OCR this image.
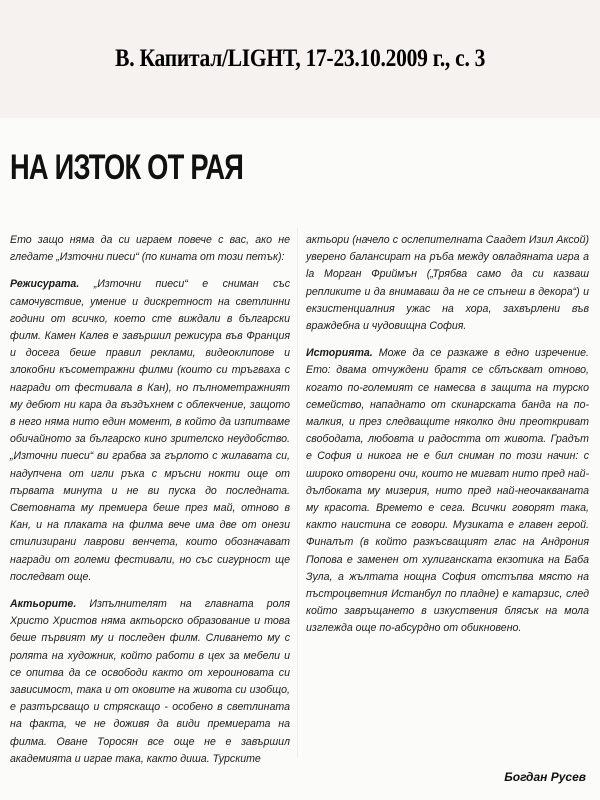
В. Капитал/LIGHT, 17-23.10.2009 г., с. 3
НА ИЗТОК ОТ РАЯ

Ето защо няма да си играем повече с вас, ако не гледате „Източни пиеси“ (по кината от този петък):

Режисурата. „Източни пиеси“ е сниман със самочувствие, умение и дискретност на светлинни години от всичко, което сте виждали в български филм. Камен Калев е завършил режисура във Франция и досега беше правил реклами, видеоклипове и злокобни късометражни филми (които си тръгваха с награди от фестивала в Кан), но пълнометражният му дебют ни кара да въздъхнем с облекчение, защото в него няма нито един момент, в който да изпитваме обичайното за българско кино зрителско неудобство. „Източни пиеси“ ви грабва за гърлото с жилавата си, надупчена от игли ръка с мръсни нокти още от първата минута и не ви пуска до последната. Световната му премиера беше през май, отново в Кан, и на плаката на филма вече има две от онези стилизирани лаврови венчета, които обозначават награди от големи фестивали, но със сигурност ще последват още.

Актьорите. Изпълнителят на главната роля Христо Христов няма актьорско образование и това беше първият му и последен филм. Сливането му с ролята на художник, който работи в цех за мебели и се опитва да се освободи както от хероиновата си зависимост, така и от оковите на живота си изобщо, е разтърсващо и стряскащо - особено в светлината на факта, че не доживя да види премиерата на филма. Оване Торосян все още не е завършил академията и играе така, както диша. Турските

актьори (начело с ослепителната Саадет Изил Аксой) уверено балансират на ръба между овладяната игра а la Морган Фриймън („Трябва само да си казваш репликите и да внимаваш да не се спънеш в декора“) и екзистенциалния ужас на хора, захвърлени във враждебна и чудовищна София.

Историята. Може да се разкаже в едно изречение. Ето: двама отчуждени братя се сблъскват отново, когато по-големият се намесва в защита на турско семейство, нападнато от скинарската банда на по-малкия, и през следващите няколко дни преоткриват свободата, любовта и радостта от живота. Градът е София и никога не е бил сниман по този начин: с широко отворени очи, които не мигват нито пред най-дълбоката му мизерия, нито пред най-неочакваната му красота. Времето е сега. Всички говорят така, както наистина се говори. Музиката е главен герой. Финалът (в който разкъсващият глас на Андрония Попова е заменен от хулиганската екзотика на Баба Зула, а жълтата нощна София отстъпва място на пъстроцветния Истанбул по пладне) е катарзис, след който завръщането в изкуствения блясък на мола изглежда още по-абсурдно от обикновено.

Богдан Русев
